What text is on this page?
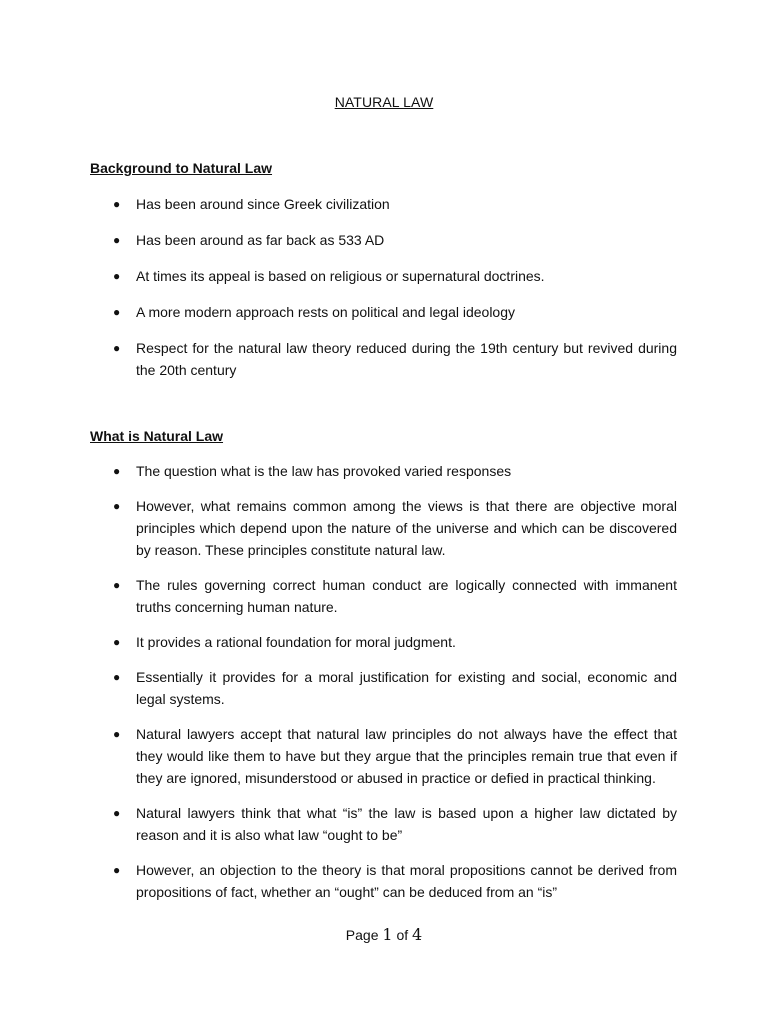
NATURAL LAW
Background to Natural Law
● Has been around since Greek civilization
● Has been around as far back as 533 AD
● At times its appeal is based on religious or supernatural doctrines.
● A more modern approach rests on political and legal ideology
● Respect for the natural law theory reduced during the 19th century but revived during the 20th century
What is Natural Law
● The question what is the law has provoked varied responses
● However, what remains common among the views is that there are objective moral principles which depend upon the nature of the universe and which can be discovered by reason. These principles constitute natural law.
● The rules governing correct human conduct are logically connected with immanent truths concerning human nature.
● It provides a rational foundation for moral judgment.
● Essentially it provides for a moral justification for existing and social, economic and legal systems.
● Natural lawyers accept that natural law principles do not always have the effect that they would like them to have but they argue that the principles remain true that even if they are ignored, misunderstood or abused in practice or defied in practical thinking.
● Natural lawyers think that what “is” the law is based upon a higher law dictated by reason and it is also what law “ought to be”
● However, an objection to the theory is that moral propositions cannot be derived from propositions of fact, whether an “ought” can be deduced from an “is”
Page 1 of 4
